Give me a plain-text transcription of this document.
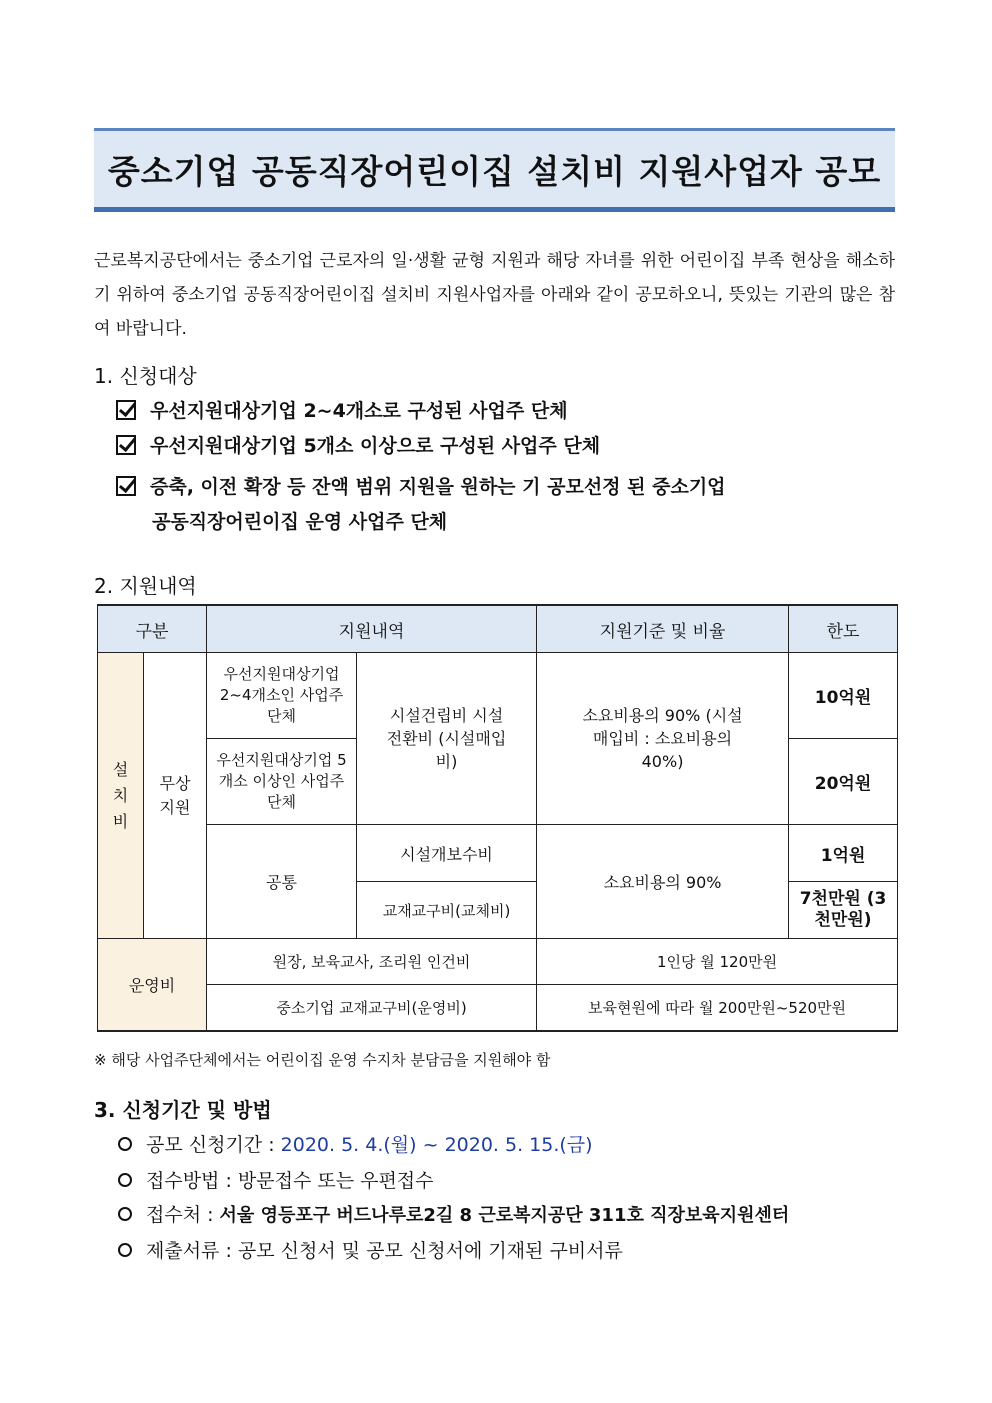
중소기업 공동직장어린이집 설치비 지원사업자 공모
근로복지공단에서는 중소기업 근로자의 일·생활 균형 지원과 해당 자녀를 위한 어린이집 부족 현상을 해소하기 위하여 중소기업 공동직장어린이집 설치비 지원사업자를 아래와 같이 공모하오니, 뜻있는 기관의 많은 참여 바랍니다.
1. 신청대상
우선지원대상기업 2~4개소로 구성된 사업주 단체
우선지원대상기업 5개소 이상으로 구성된 사업주 단체
증축, 이전 확장 등 잔액 범위 지원을 원하는 기 공모선정 된 중소기업
공동직장어린이집 운영 사업주 단체
2. 지원내역
구분		지원내역		지원기준 및 비율	한도

설치비	무상지원	우선지원대상기업 2~4개소인 사업주단체	시설건립비 시설전환비 (시설매입비)	소요비용의 90% (시설매입비 : 소요비용의 40%)	10억원

		우선지원대상기업 5개소 이상인 사업주단체			20억원
		공통	시설개보수비	소요비용의 90%	1억원
			교재교구비(교체비)		7천만원 (3천만원)

운영비		원장, 보육교사, 조리원 인건비		1인당 월 120만원	
		중소기업 교재교구비(운영비)		보육현원에 따라 월 200만원~520만원	
※ 해당 사업주단체에서는 어린이집 운영 수지차 분담금을 지원해야 함
3. 신청기간 및 방법
공모 신청기간 : 2020. 5. 4.(월) ~ 2020. 5. 15.(금)
접수방법 : 방문접수 또는 우편접수
접수처 : 서울 영등포구 버드나루로2길 8 근로복지공단 311호 직장보육지원센터
제출서류 : 공모 신청서 및 공모 신청서에 기재된 구비서류
